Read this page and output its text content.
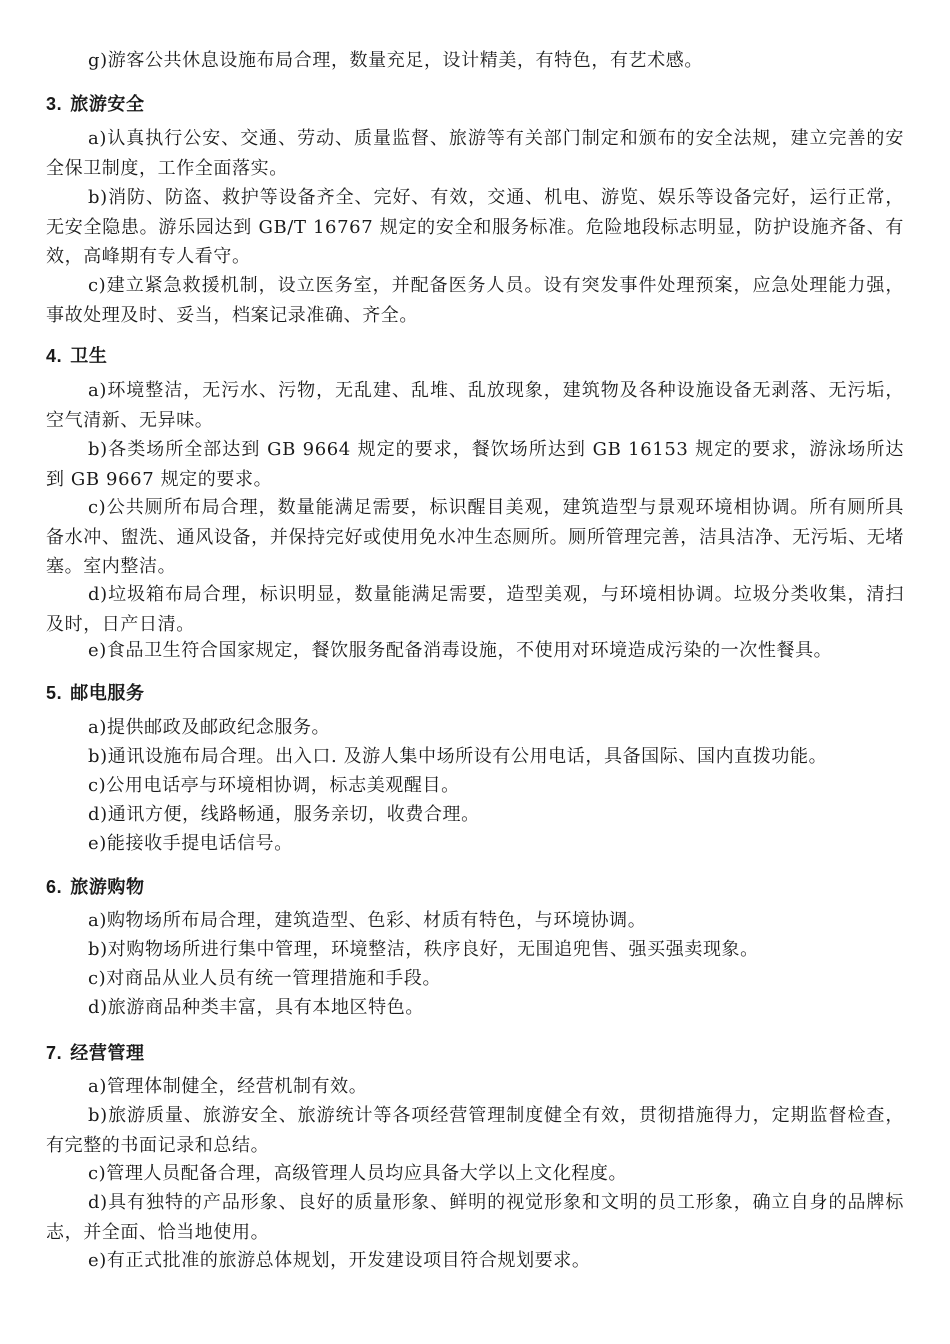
g)游客公共休息设施布局合理，数量充足，设计精美，有特色，有艺术感。

3. 旅游安全

a)认真执行公安、交通、劳动、质量监督、旅游等有关部门制定和颁布的安全法规，建立完善的安全保卫制度，工作全面落实。

b)消防、防盗、救护等设备齐全、完好、有效，交通、机电、游览、娱乐等设备完好，运行正常，无安全隐患。游乐园达到 GB/T 16767 规定的安全和服务标准。危险地段标志明显，防护设施齐备、有效，高峰期有专人看守。

c)建立紧急救援机制，设立医务室，并配备医务人员。设有突发事件处理预案，应急处理能力强，事故处理及时、妥当，档案记录准确、齐全。

4. 卫生

a)环境整洁，无污水、污物，无乱建、乱堆、乱放现象，建筑物及各种设施设备无剥落、无污垢，空气清新、无异味。

b)各类场所全部达到 GB 9664 规定的要求，餐饮场所达到 GB 16153 规定的要求，游泳场所达到 GB 9667 规定的要求。

c)公共厕所布局合理，数量能满足需要，标识醒目美观，建筑造型与景观环境相协调。所有厕所具备水冲、盥洗、通风设备，并保持完好或使用免水冲生态厕所。厕所管理完善，洁具洁净、无污垢、无堵塞。室内整洁。

d)垃圾箱布局合理，标识明显，数量能满足需要，造型美观，与环境相协调。垃圾分类收集，清扫及时，日产日清。

e)食品卫生符合国家规定，餐饮服务配备消毒设施，不使用对环境造成污染的一次性餐具。

5. 邮电服务

a)提供邮政及邮政纪念服务。

b)通讯设施布局合理。出入口. 及游人集中场所设有公用电话，具备国际、国内直拨功能。

c)公用电话亭与环境相协调，标志美观醒目。

d)通讯方便，线路畅通，服务亲切，收费合理。

e)能接收手提电话信号。

6. 旅游购物

a)购物场所布局合理，建筑造型、色彩、材质有特色，与环境协调。

b)对购物场所进行集中管理，环境整洁，秩序良好，无围追兜售、强买强卖现象。

c)对商品从业人员有统一管理措施和手段。

d)旅游商品种类丰富，具有本地区特色。

7. 经营管理

a)管理体制健全，经营机制有效。

b)旅游质量、旅游安全、旅游统计等各项经营管理制度健全有效，贯彻措施得力，定期监督检查，有完整的书面记录和总结。

c)管理人员配备合理，高级管理人员均应具备大学以上文化程度。

d)具有独特的产品形象、良好的质量形象、鲜明的视觉形象和文明的员工形象，确立自身的品牌标志，并全面、恰当地使用。

e)有正式批准的旅游总体规划，开发建设项目符合规划要求。
